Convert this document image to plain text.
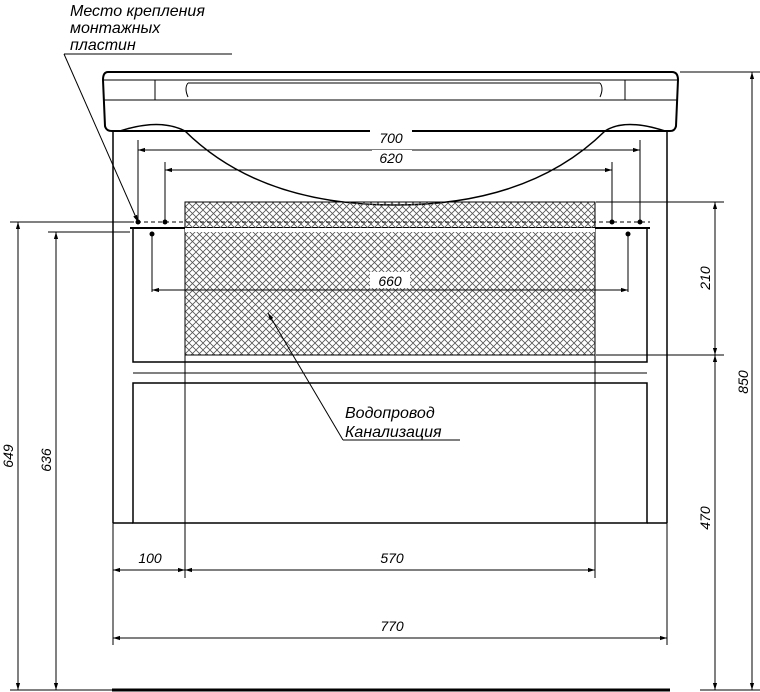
700
620
660	210
470
850
649 636
100	570
770
Место крепления
монтажных
пластин
Водопровод
Канализация
